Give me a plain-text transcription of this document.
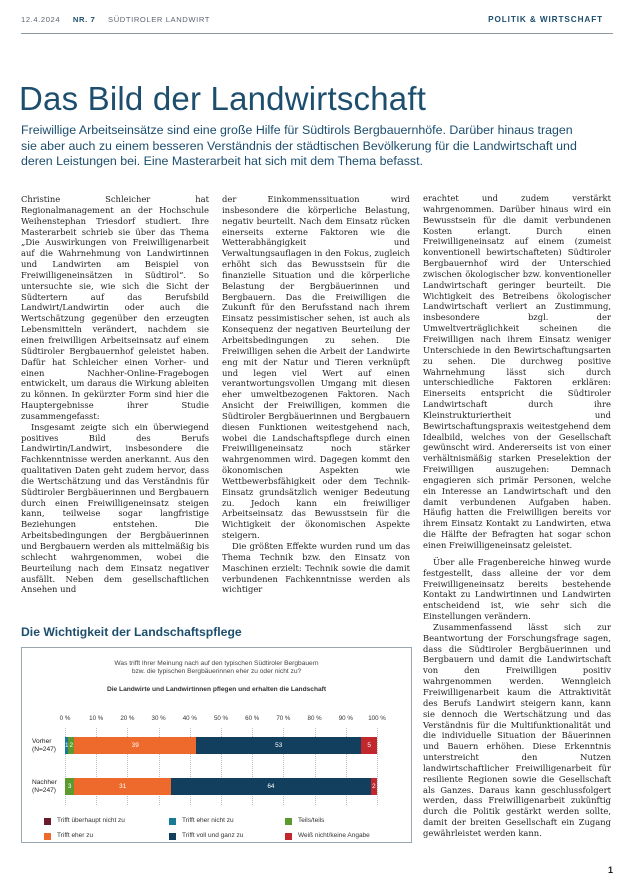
12.4.2024 NR. 7 SÜDTIROLER LANDWIRT	POLITIK & WIRTSCHAFT
Das Bild der Landwirtschaft
Freiwillige Arbeitseinsätze sind eine große Hilfe für Südtirols Bergbauernhöfe. Darüber hinaus tragen sie aber auch zu einem besseren Verständnis der städtischen Bevölkerung für die Landwirtschaft und deren Leistungen bei. Eine Masterarbeit hat sich mit dem Thema befasst.

Christine Schleicher hat Regionalmanagement an der Hochschule Weihenstephan Triesdorf studiert. Ihre Masterarbeit schrieb sie über das Thema „Die Auswirkungen von Freiwilligenarbeit auf die Wahrnehmung von Landwirtinnen und Landwirten am Beispiel von Freiwilligeneinsätzen in Südtirol“. So untersuchte sie, wie sich die Sicht der Südtertern auf das Berufsbild Landwirt/Landwirtin oder auch die Wertschätzung gegenüber den erzeugten Lebensmitteln verändert, nachdem sie einen freiwilligen Arbeitseinsatz auf einem Südtiroler Bergbauernhof geleistet haben. Dafür hat Schleicher einen Vorher- und einen Nachher-Online-Fragebogen entwickelt, um daraus die Wirkung ableiten zu können. In gekürzter Form sind hier die Hauptergebnisse ihrer Studie zusammengefasst:

Insgesamt zeigte sich ein überwiegend positives Bild des Berufs Landwirtin/Landwirt, insbesondere die Fachkenntnisse werden anerkannt. Aus den qualitativen Daten geht zudem hervor, dass die Wertschätzung und das Verständnis für Südtiroler Bergbäuerinnen und Bergbauern durch einen Freiwilligeneinsatz steigen kann, teilweise sogar langfristige Beziehungen entstehen. Die Arbeitsbedingungen der Bergbäuerinnen und Bergbauern werden als mittelmäßig bis schlecht wahrgenommen, wobei die Beurteilung nach dem Einsatz negativer ausfällt. Neben dem gesellschaftlichen Ansehen und

der Einkommenssituation wird insbesondere die körperliche Belastung, negativ beurteilt. Nach dem Einsatz rücken einerseits externe Faktoren wie die Wetterabhängigkeit und Verwaltungsauflagen in den Fokus, zugleich erhöht sich das Bewusstsein für die finanzielle Situation und die körperliche Belastung der Bergbäuerinnen und Bergbauern. Das die Freiwilligen die Zukunft für den Berufsstand nach ihrem Einsatz pessimistischer sehen, ist auch als Konsequenz der negativen Beurteilung der Arbeitsbedingungen zu sehen. Die Freiwilligen sehen die Arbeit der Landwirte eng mit der Natur und Tieren verknüpft und legen viel Wert auf einen verantwortungsvollen Umgang mit diesen eher umweltbezogenen Faktoren. Nach Ansicht der Freiwilligen, kommen die Südtiroler Bergbäuerinnen und Bergbauern diesen Funktionen weitestgehend nach, wobei die Landschaftspflege durch einen Freiwilligeneinsatz noch stärker wahrgenommen wird. Dagegen kommt den ökonomischen Aspekten wie Wettbewerbsfähigkeit oder dem Technik-Einsatz grundsätzlich weniger Bedeutung zu. Jedoch kann ein freiwilliger Arbeitseinsatz das Bewusstsein für die Wichtigkeit der ökonomischen Aspekte steigern.

Die größten Effekte wurden rund um das Thema Technik bzw. den Einsatz von Maschinen erzielt: Technik sowie die damit verbundenen Fachkenntnisse werden als wichtiger

erachtet und zudem verstärkt wahrgenommen. Darüber hinaus wird ein Bewusstsein für die damit verbundenen Kosten erlangt. Durch einen Freiwilligeneinsatz auf einem (zumeist konventionell bewirtschafteten) Südtiroler Bergbauernhof wird der Unterschied zwischen ökologischer bzw. konventioneller Landwirtschaft geringer beurteilt. Die Wichtigkeit des Betreibens ökologischer Landwirtschaft verliert an Zustimmung, insbesondere bzgl. der Umweltverträglichkeit scheinen die Freiwilligen nach ihrem Einsatz weniger Unterschiede in den Bewirtschaftungsarten zu sehen. Die durchweg positive Wahrnehmung lässt sich durch unterschiedliche Faktoren erklären: Einerseits entspricht die Südtiroler Landwirtschaft durch ihre Kleinstrukturiertheit und Bewirtschaftungspraxis weitestgehend dem Idealbild, welches von der Gesellschaft gewünscht wird. Andererseits ist von einer verhältnismäßig starken Preselektion der Freiwilligen auszugehen: Demnach engagieren sich primär Personen, welche ein Interesse an Landwirtschaft und den damit verbundenen Aufgaben haben. Häufig hatten die Freiwilligen bereits vor ihrem Einsatz Kontakt zu Landwirten, etwa die Hälfte der Befragten hat sogar schon einen Freiwilligeneinsatz geleistet.

Über alle Fragenbereiche hinweg wurde festgestellt, dass alleine der vor dem Freiwilligeneinsatz bereits bestehende Kontakt zu Landwirtinnen und Landwirten entscheidend ist, wie sehr sich die Einstellungen verändern.

Zusammenfassend lässt sich zur Beantwortung der Forschungsfrage sagen, dass die Südtiroler Bergbäuerinnen und Bergbauern und damit die Landwirtschaft von den Freiwilligen positiv wahrgenommen werden. Wenngleich Freiwilligenarbeit kaum die Attraktivität des Berufs Landwirt steigern kann, kann sie dennoch die Wertschätzung und das Verständnis für die Multifunktionalität und die individuelle Situation der Bäuerinnen und Bauern erhöhen. Diese Erkenntnis unterstreicht den Nutzen landwirtschaftlicher Freiwilligenarbeit für resiliente Regionen sowie die Gesellschaft als Ganzes. Daraus kann geschlussfolgert werden, dass Freiwilligenarbeit zukünftig durch die Politik gestärkt werden sollte, damit der breiten Gesellschaft ein Zugang gewährleistet werden kann.

Die Wichtigkeit der Landschaftspflege
Was trifft Ihrer Meinung nach auf den typischen Südtiroler Bergbauern
bzw. die typischen Bergbäuerinnen eher zu oder nicht zu?
Die Landwirte und Landwirtinnen pflegen und erhalten die Landschaft
0 %	10 %	20 %	30 %	40 %	50 %	60 %	70 %	80 %	90 % 100 %
Vorher
(N=247)
1 2	39	53	5
Nachher
(N=247)
3	31	64	2
Trifft überhaupt nicht zu	Trifft eher nicht zu	Teils/teils
Trifft eher zu	Trifft voll und ganz zu	Weiß nicht/keine Angabe
1
